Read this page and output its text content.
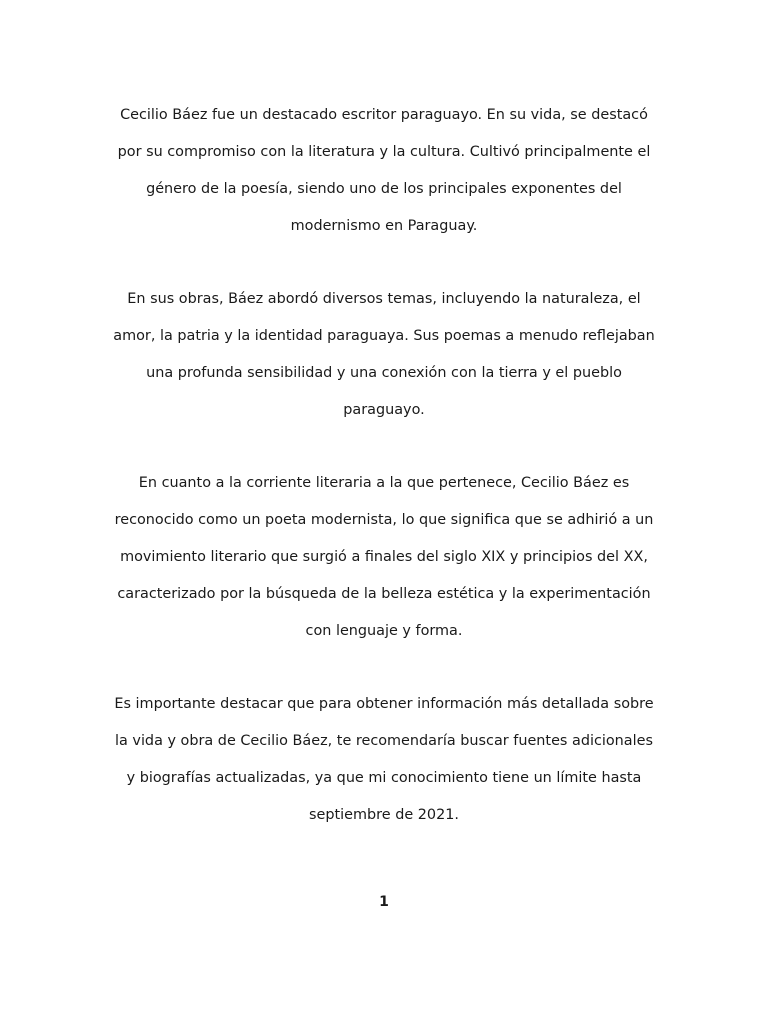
Cecilio Báez fue un destacado escritor paraguayo. En su vida, se destacó
por su compromiso con la literatura y la cultura. Cultivó principalmente el
género de la poesía, siendo uno de los principales exponentes del
modernismo en Paraguay.

En sus obras, Báez abordó diversos temas, incluyendo la naturaleza, el
amor, la patria y la identidad paraguaya. Sus poemas a menudo reflejaban
una profunda sensibilidad y una conexión con la tierra y el pueblo
paraguayo.

En cuanto a la corriente literaria a la que pertenece, Cecilio Báez es
reconocido como un poeta modernista, lo que significa que se adhirió a un
movimiento literario que surgió a finales del siglo XIX y principios del XX,
caracterizado por la búsqueda de la belleza estética y la experimentación
con lenguaje y forma.

Es importante destacar que para obtener información más detallada sobre
la vida y obra de Cecilio Báez, te recomendaría buscar fuentes adicionales
y biografías actualizadas, ya que mi conocimiento tiene un límite hasta
septiembre de 2021.

1
